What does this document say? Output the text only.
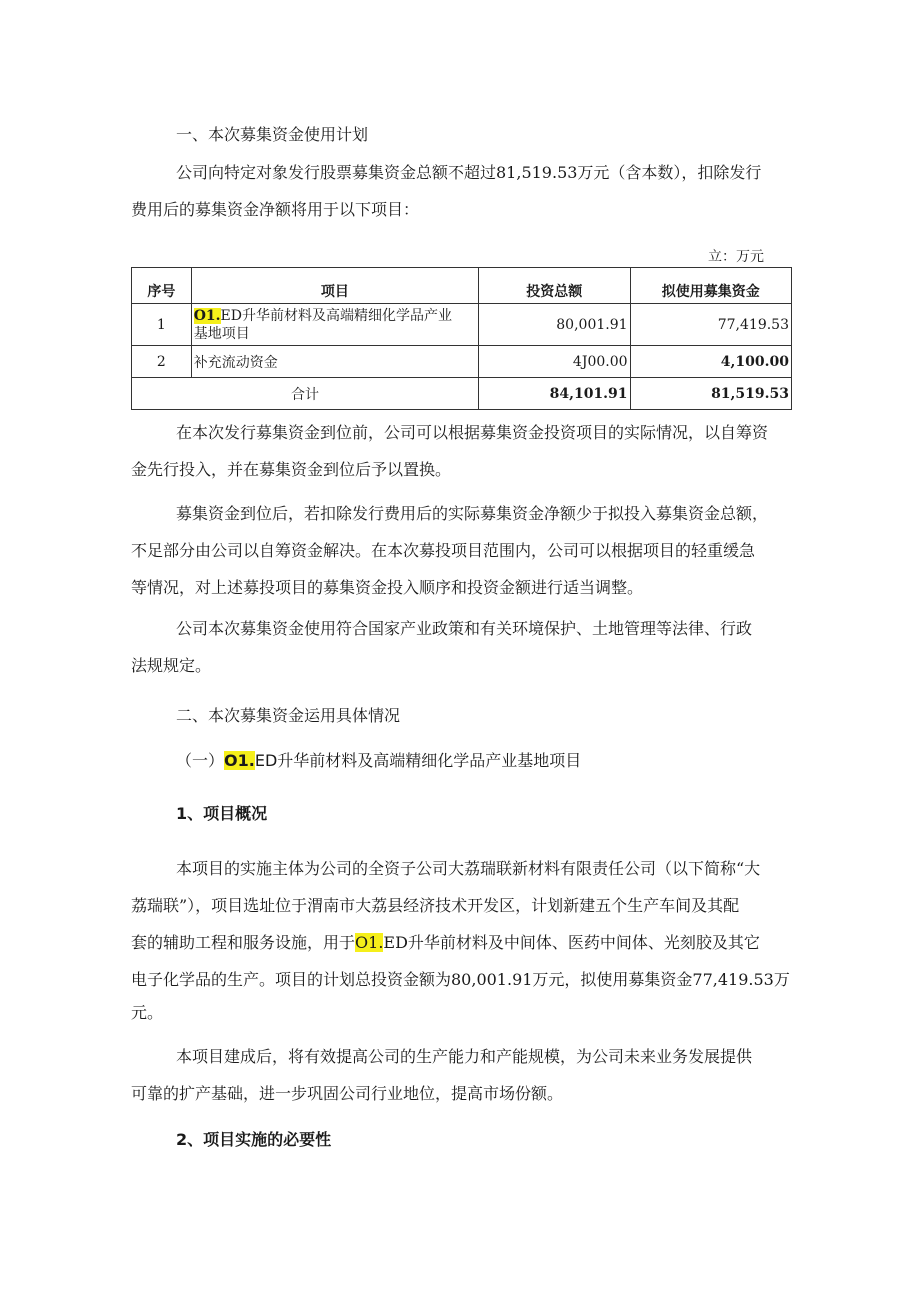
一、本次募集资金使用计划
公司向特定对象发行股票募集资金总额不超过81,519.53万元（含本数），扣除发行
费用后的募集资金净额将用于以下项目：
立：万元
序号	项目	投资总额	拟使用募集资金
1	O1.ED升华前材料及高端精细化学品产业
基地项目	80,001.91	77,419.53
2	补充流动资金	4J00.00	4,100.00
合计		84,101.91	81,519.53
在本次发行募集资金到位前，公司可以根据募集资金投资项目的实际情况，以自筹资
金先行投入，并在募集资金到位后予以置换。
募集资金到位后，若扣除发行费用后的实际募集资金净额少于拟投入募集资金总额，
不足部分由公司以自筹资金解决。在本次募投项目范围内，公司可以根据项目的轻重缓急
等情况，对上述募投项目的募集资金投入顺序和投资金额进行适当调整。
公司本次募集资金使用符合国家产业政策和有关环境保护、土地管理等法律、行政
法规规定。
二、本次募集资金运用具体情况
（一）O1.ED升华前材料及高端精细化学品产业基地项目
1、项目概况
本项目的实施主体为公司的全资子公司大荔瑞联新材料有限责任公司（以下简称“大
荔瑞联”），项目选址位于渭南市大荔县经济技术开发区，计划新建五个生产车间及其配
套的辅助工程和服务设施，用于O1.ED升华前材料及中间体、医药中间体、光刻胶及其它
电子化学品的生产。项目的计划总投资金额为80,001.91万元，拟使用募集资金77,419.53万
元。
本项目建成后，将有效提高公司的生产能力和产能规模，为公司未来业务发展提供
可靠的扩产基础，进一步巩固公司行业地位，提高市场份额。
2、项目实施的必要性
